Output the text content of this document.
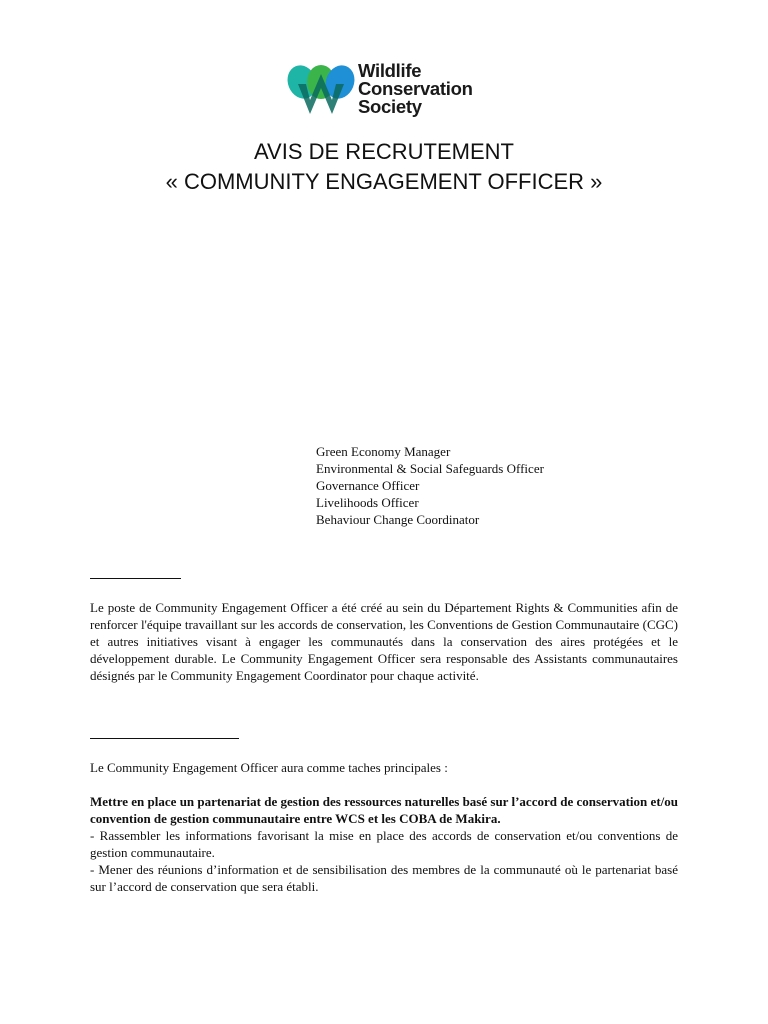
Wildlife
Conservation
Society
AVIS DE RECRUTEMENT
« COMMUNITY ENGAGEMENT OFFICER »
Green Economy Manager
Environmental & Social Safeguards Officer
Governance Officer
Livelihoods Officer
Behaviour Change Coordinator
Le poste de Community Engagement Officer a été créé au sein du Département Rights & Communities afin de renforcer l'équipe travaillant sur les accords de conservation, les Conventions de Gestion Communautaire (CGC) et autres initiatives visant à engager les communautés dans la conservation des aires protégées et le développement durable. Le Community Engagement Officer sera responsable des Assistants communautaires désignés par le Community Engagement Coordinator pour chaque activité.
Le Community Engagement Officer aura comme taches principales :
Mettre en place un partenariat de gestion des ressources naturelles basé sur l’accord de conservation et/ou convention de gestion communautaire entre WCS et les COBA de Makira.
- Rassembler les informations favorisant la mise en place des accords de conservation et/ou conventions de gestion communautaire.
- Mener des réunions d’information et de sensibilisation des membres de la communauté où le partenariat basé sur l’accord de conservation que sera établi.
